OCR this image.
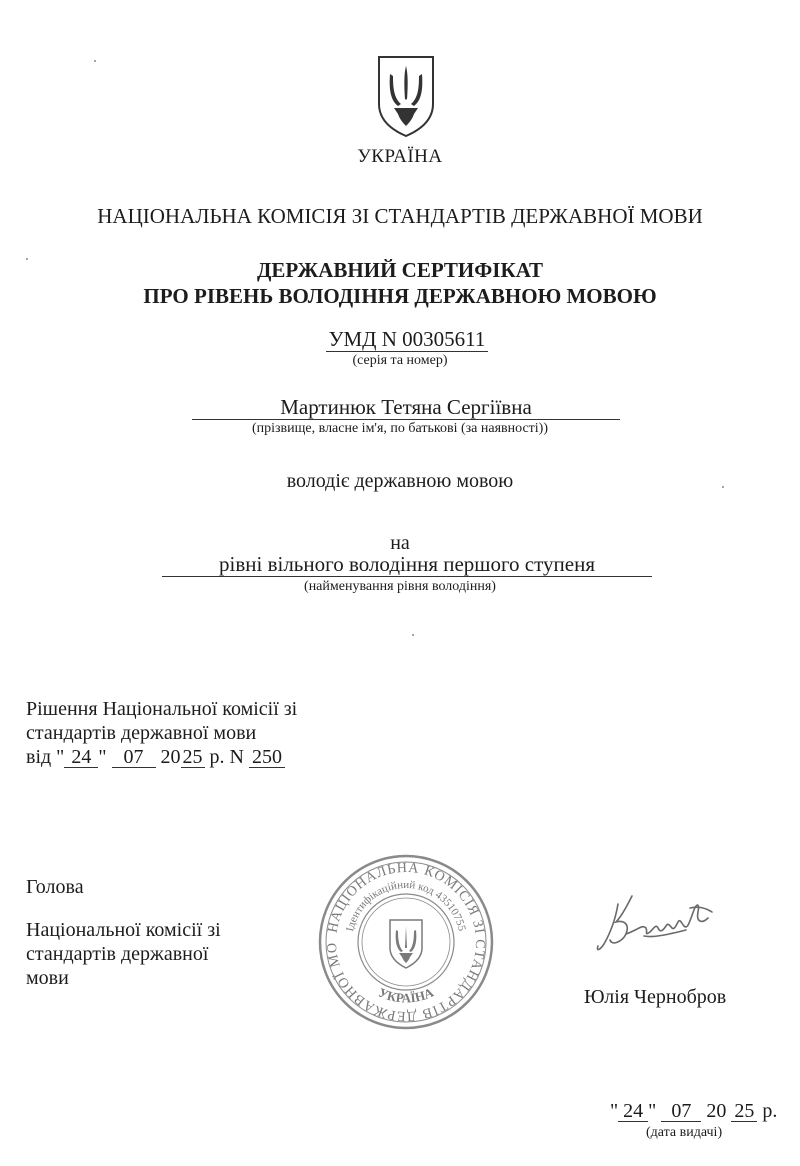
УКРАЇНА
НАЦІОНАЛЬНА КОМІСІЯ ЗІ СТАНДАРТІВ ДЕРЖАВНОЇ МОВИ
ДЕРЖАВНИЙ СЕРТИФІКАТ
ПРО РІВЕНЬ ВОЛОДІННЯ ДЕРЖАВНОЮ МОВОЮ
УМД N 00305611
(серія та номер)
Мартинюк Тетяна Сергіївна
(прізвище, власне ім'я, по батькові (за наявності))
володіє державною мовою
на
рівні вільного володіння першого ступеня
(найменування рівня володіння)
Рішення Національної комісії зі
стандартів державної мови
від " 24 " 07 20 25 р. N 250
Голова
Національної комісії зі
стандартів державної
мови
НАЦІОНАЛЬНА КОМІСІЯ ЗІ СТАНДАРТІВ ДЕРЖАВНОЇ МО
Ідентифікаційний код 43510755
УКРАЇНА	Юлія Чернобров
" 24 " 07 20 25 р.
(дата видачі)
